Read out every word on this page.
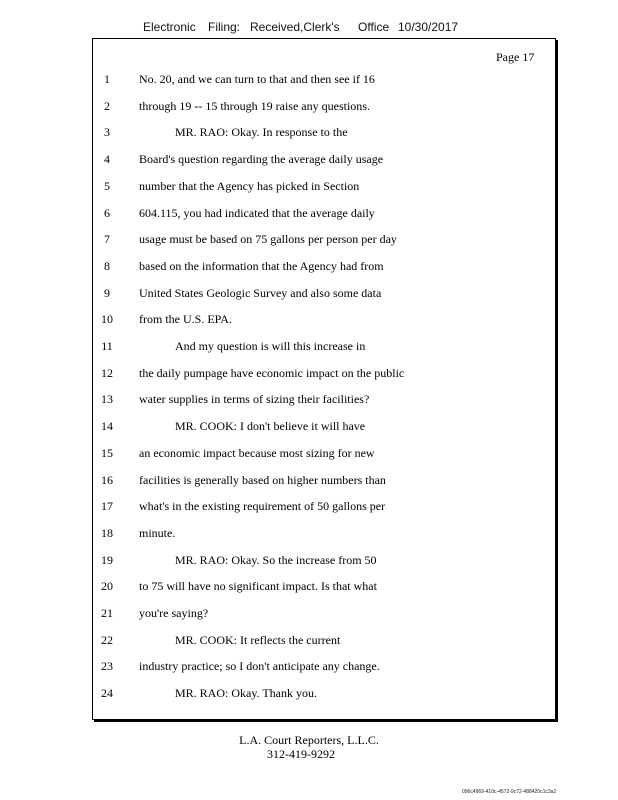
Electronic Filing: Received,Clerk's Office 10/30/2017
Page 17
1	No. 20, and we can turn to that and then see if 16
2	through 19 -- 15 through 19 raise any questions.
3	MR. RAO: Okay. In response to the
4	Board's question regarding the average daily usage
5	number that the Agency has picked in Section
6	604.115, you had indicated that the average daily
7	usage must be based on 75 gallons per person per day
8	based on the information that the Agency had from
9	United States Geologic Survey and also some data
10	from the U.S. EPA.
11	And my question is will this increase in
12	the daily pumpage have economic impact on the public
13	water supplies in terms of sizing their facilities?
14	MR. COOK: I don't believe it will have
15	an economic impact because most sizing for new
16	facilities is generally based on higher numbers than
17	what's in the existing requirement of 50 gallons per
18	minute.
19	MR. RAO: Okay. So the increase from 50
20	to 75 will have no significant impact. Is that what
21	you're saying?
22	MR. COOK: It reflects the current
23	industry practice; so I don't anticipate any change.
24	MR. RAO: Okay. Thank you.
L.A. Court Reporters, L.L.C.
312-419-9292
096c4969-410c-4572-9c72-488420c1c3a2
